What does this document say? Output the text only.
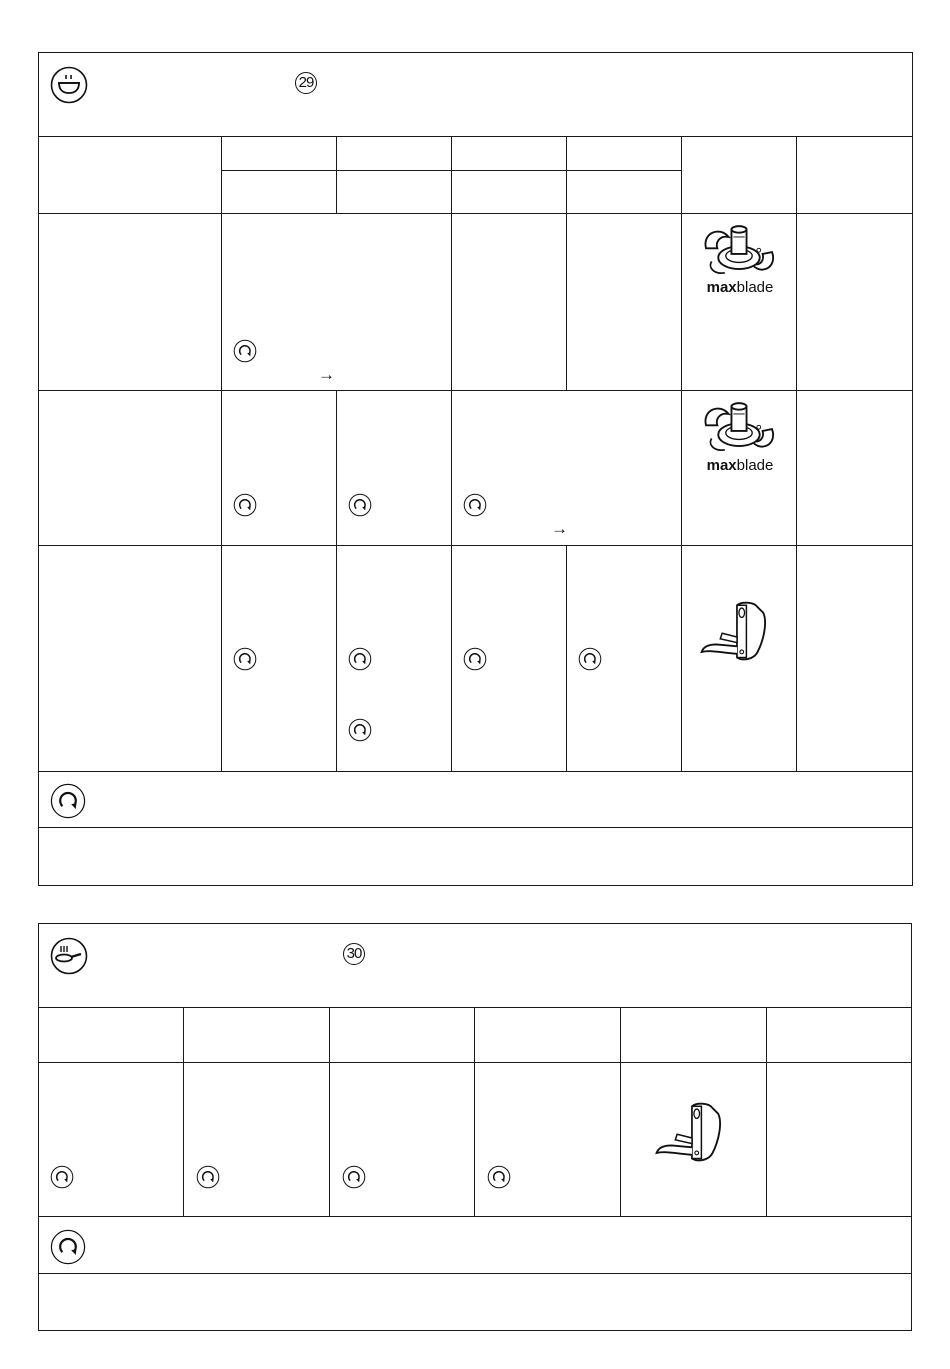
29
→
maxblade
→
maxblade
30
